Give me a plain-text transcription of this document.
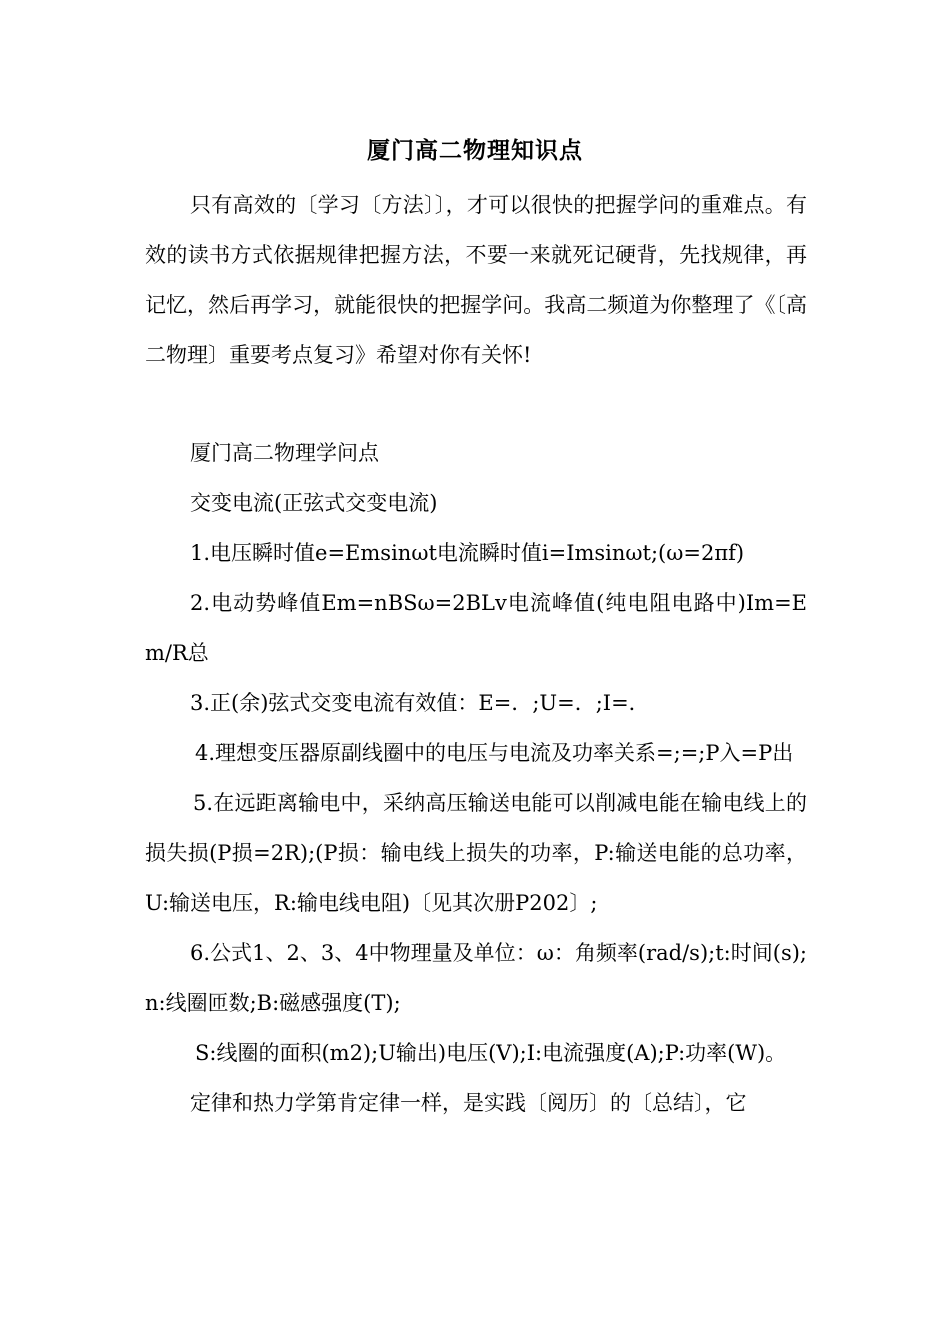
厦门高二物理知识点

只有高效的〔学习〔方法〕〕，才可以很快的把握学问的重难点。有效的读书方式依据规律把握方法，不要一来就死记硬背，先找规律，再记忆，然后再学习，就能很快的把握学问。我高二频道为你整理了《〔高二物理〕重要考点复习》希望对你有关怀!

厦门高二物理学问点

交变电流(正弦式交变电流)

1.电压瞬时值e=Emsinωt电流瞬时值i=Imsinωt;(ω=2πf)

2.电动势峰值Em=nBSω=2BLv电流峰值(纯电阻电路中)Im=Em/R总

3.正(余)弦式交变电流有效值：E=．;U=．;I=．

4.理想变压器原副线圈中的电压与电流及功率关系=;=;P入=P出

5.在远距离输电中，采纳高压输送电能可以削减电能在输电线上的损失损(P损=2R);(P损：输电线上损失的功率，P:输送电能的总功率，U:输送电压，R:输电线电阻)〔见其次册P202〕;

6.公式1、2、3、4中物理量及单位：ω：角频率(rad/s);t:时间(s);n:线圈匝数;B:磁感强度(T);

S:线圈的面积(m2);U输出)电压(V);I:电流强度(A);P:功率(W)。

定律和热力学第肯定律一样，是实践〔阅历〕的〔总结〕，它
